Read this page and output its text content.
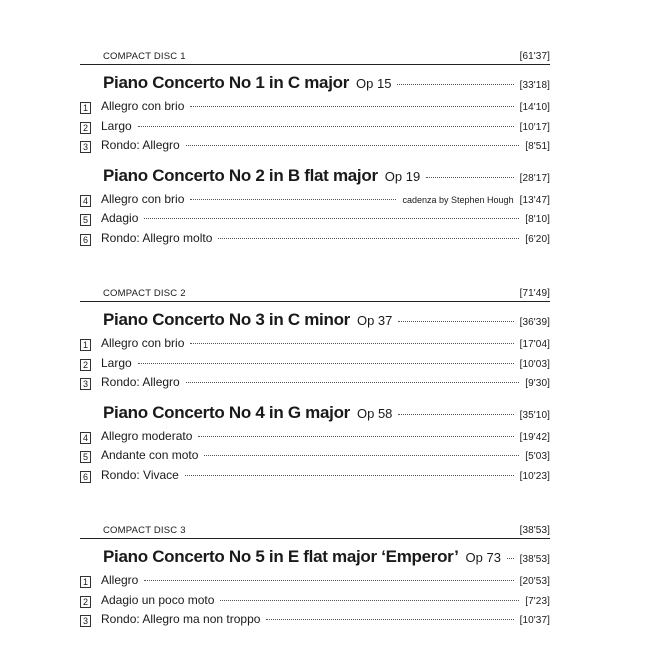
COMPACT DISC 1	[61'37]
Piano Concerto No 1 in C major Op 15	[33'18]
1 Allegro con brio	[14'10]
2 Largo	[10'17]
3 Rondo: Allegro	[8'51]
Piano Concerto No 2 in B flat major Op 19	[28'17]
4 Allegro con brio	cadenza by Stephen Hough [13'47]
5 Adagio	[8'10]
6 Rondo: Allegro molto	[6'20]
COMPACT DISC 2	[71'49]
Piano Concerto No 3 in C minor Op 37	[36'39]
1 Allegro con brio	[17'04]
2 Largo	[10'03]
3 Rondo: Allegro	[9'30]
Piano Concerto No 4 in G major Op 58	[35'10]
4 Allegro moderato	[19'42]
5 Andante con moto	[5'03]
6 Rondo: Vivace	[10'23]
COMPACT DISC 3	[38'53]
Piano Concerto No 5 in E flat major ‘Emperor’ Op 73 [38'53]
1 Allegro	[20'53]
2 Adagio un poco moto	[7'23]
3 Rondo: Allegro ma non troppo	[10'37]
